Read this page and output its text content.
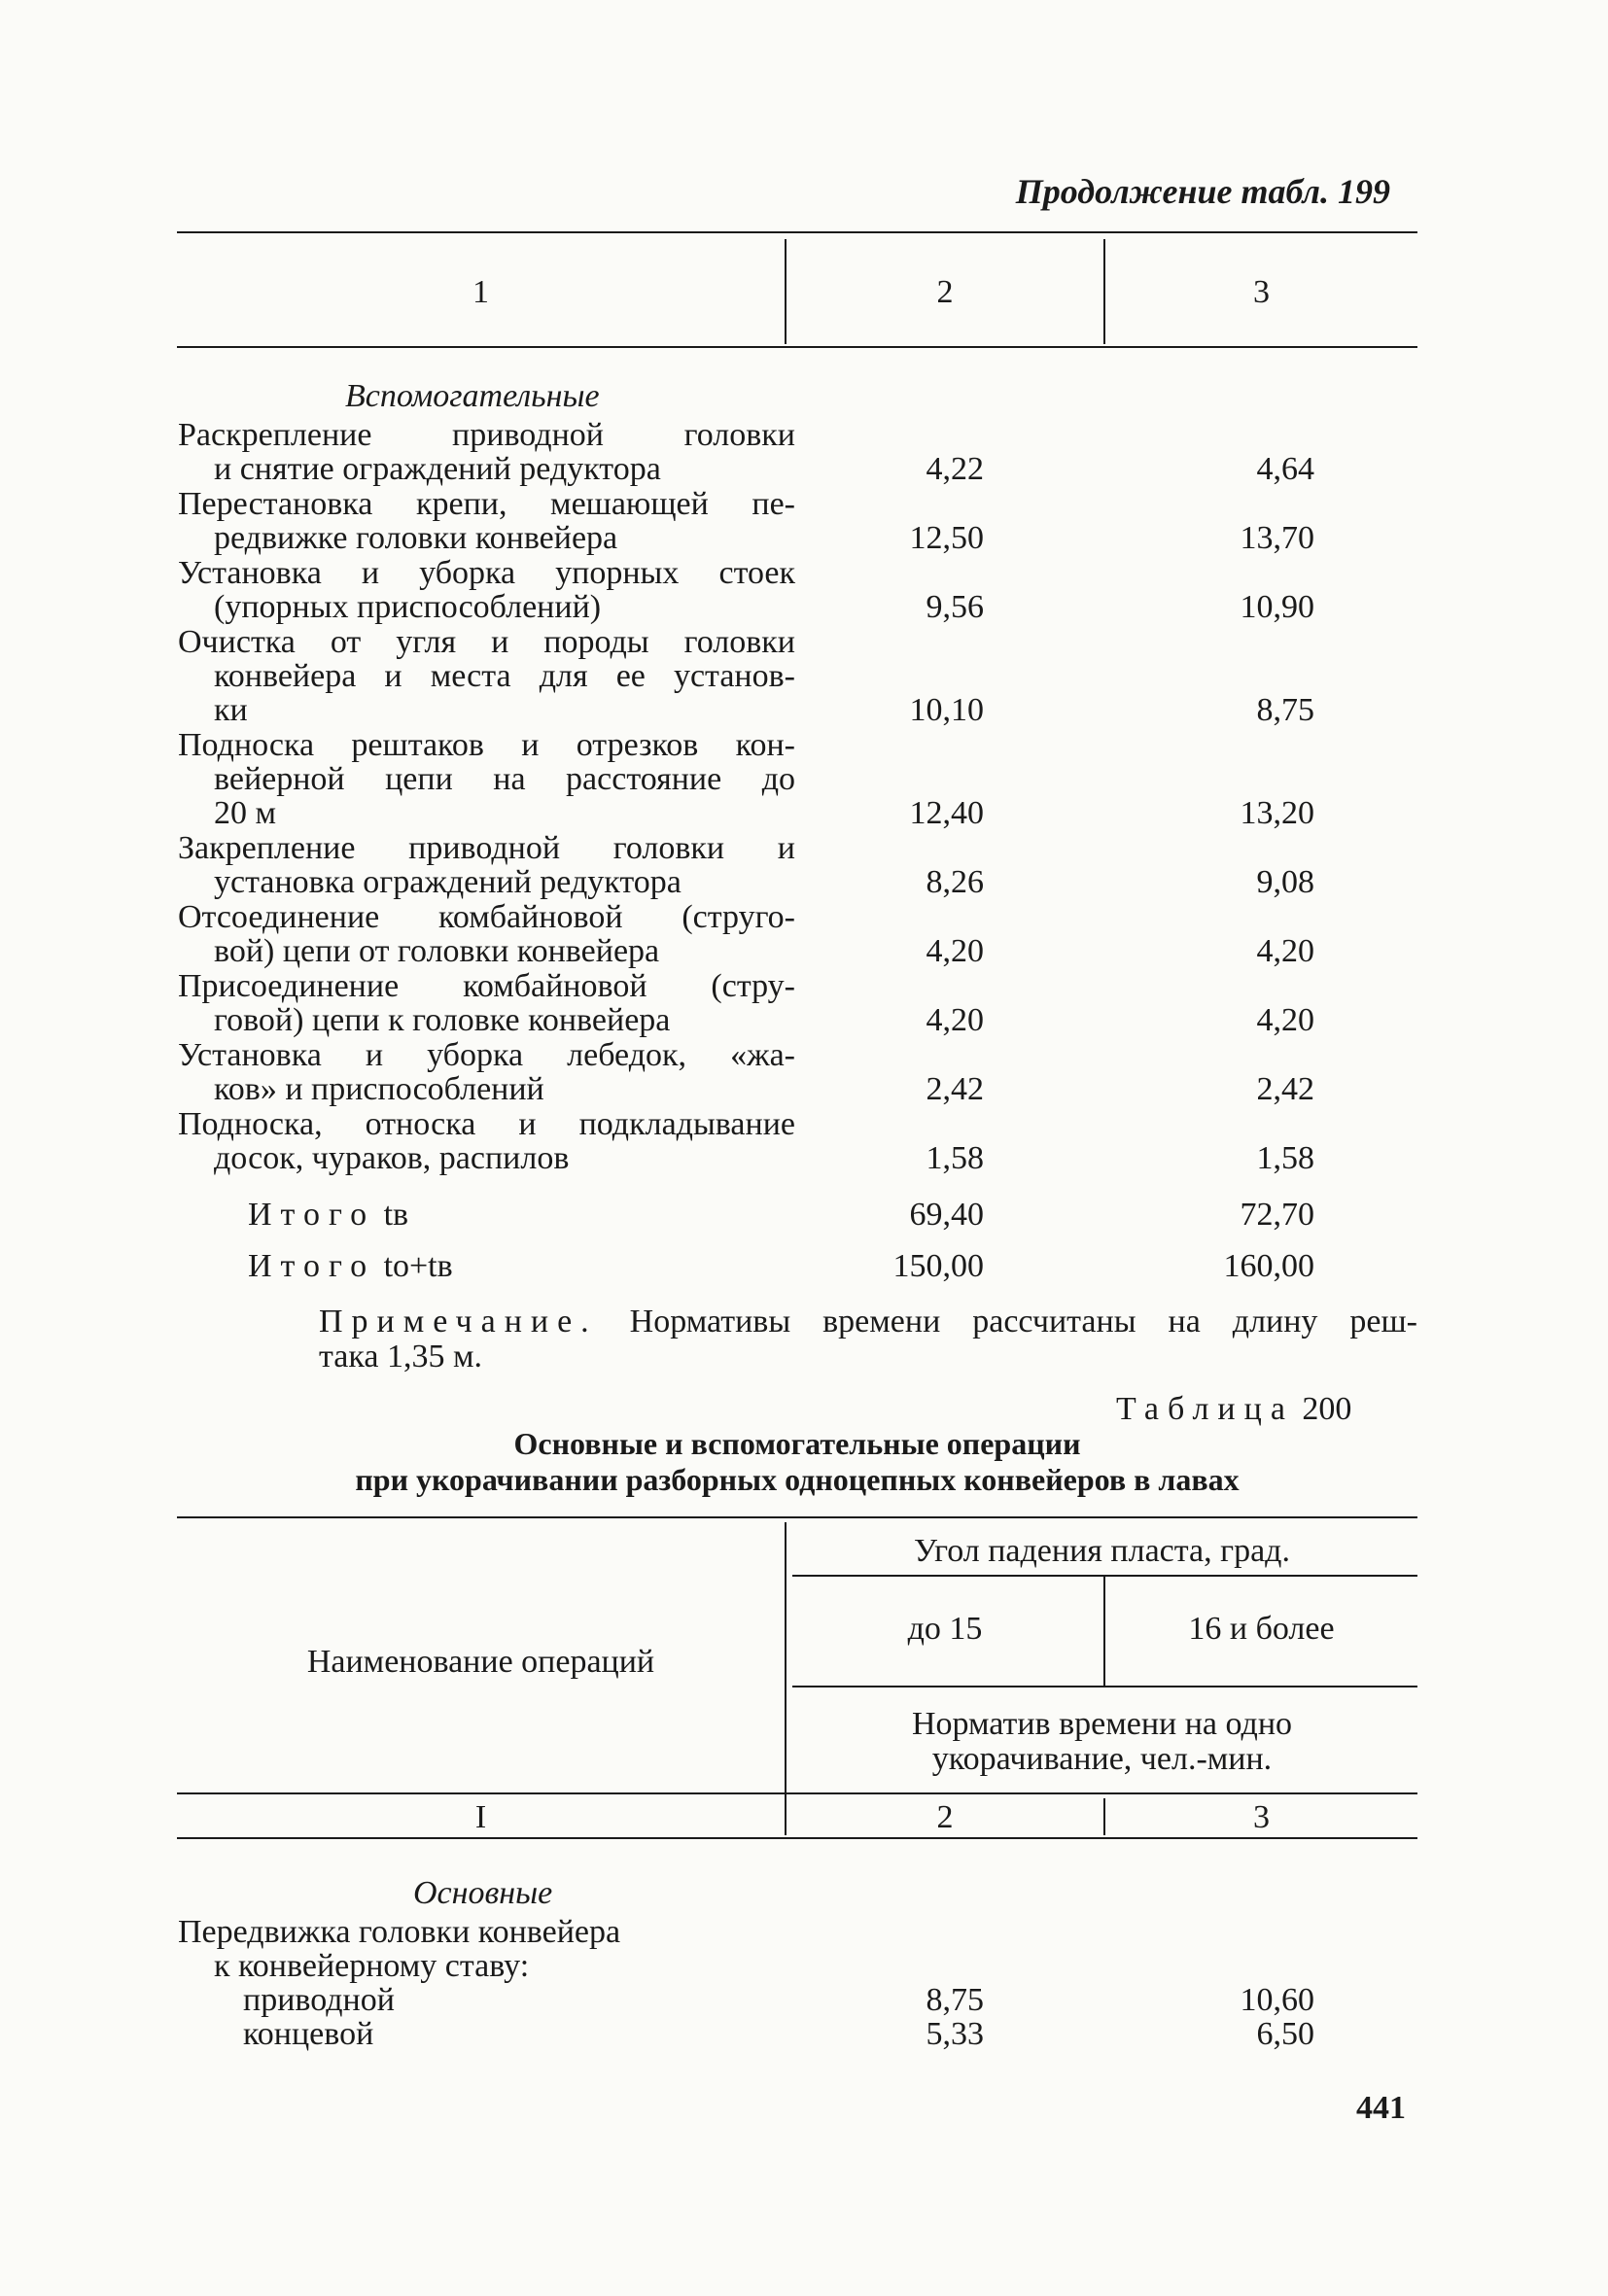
Продолжение табл. 199
1	2	3
Вспомогательные
Раскрепление приводной головки
и снятие ограждений редуктора	4,22	4,64
Перестановка крепи, мешающей пе-
редвижке головки конвейера	12,50	13,70
Установка и уборка упорных стоек
(упорных приспособлений)	9,56	10,90
Очистка от угля и породы головки
конвейера и места для ее установ-
ки	10,10	8,75
Подноска рештаков и отрезков кон-
вейерной цепи на расстояние до
20 м	12,40	13,20
Закрепление приводной головки и
установка ограждений редуктора	8,26	9,08
Отсоединение комбайновой (струго-
вой) цепи от головки конвейера	4,20	4,20
Присоединение комбайновой (стру-
говой) цепи к головке конвейера	4,20	4,20
Установка и уборка лебедок, «жа-
ков» и приспособлений	2,42	2,42
Подноска, относка и подкладывание
досок, чураков, распилов	1,58	1,58
Итого tв	69,40	72,70
Итого tо+tв	150,00	160,00
Примечание. Нормативы времени рассчитаны на длину реш-
така 1,35 м.
Таблица 200
Основные и вспомогательные операции
при укорачивании разборных одноцепных конвейеров в лавах
Угол падения пласта, град.
Наименование операций
до 15	16 и более
Норматив времени на одно
укорачивание, чел.-мин.
I	2	3
Основные
Передвижка головки конвейера
к конвейерному ставу:
приводной	8,75	10,60
концевой	5,33	6,50
441
